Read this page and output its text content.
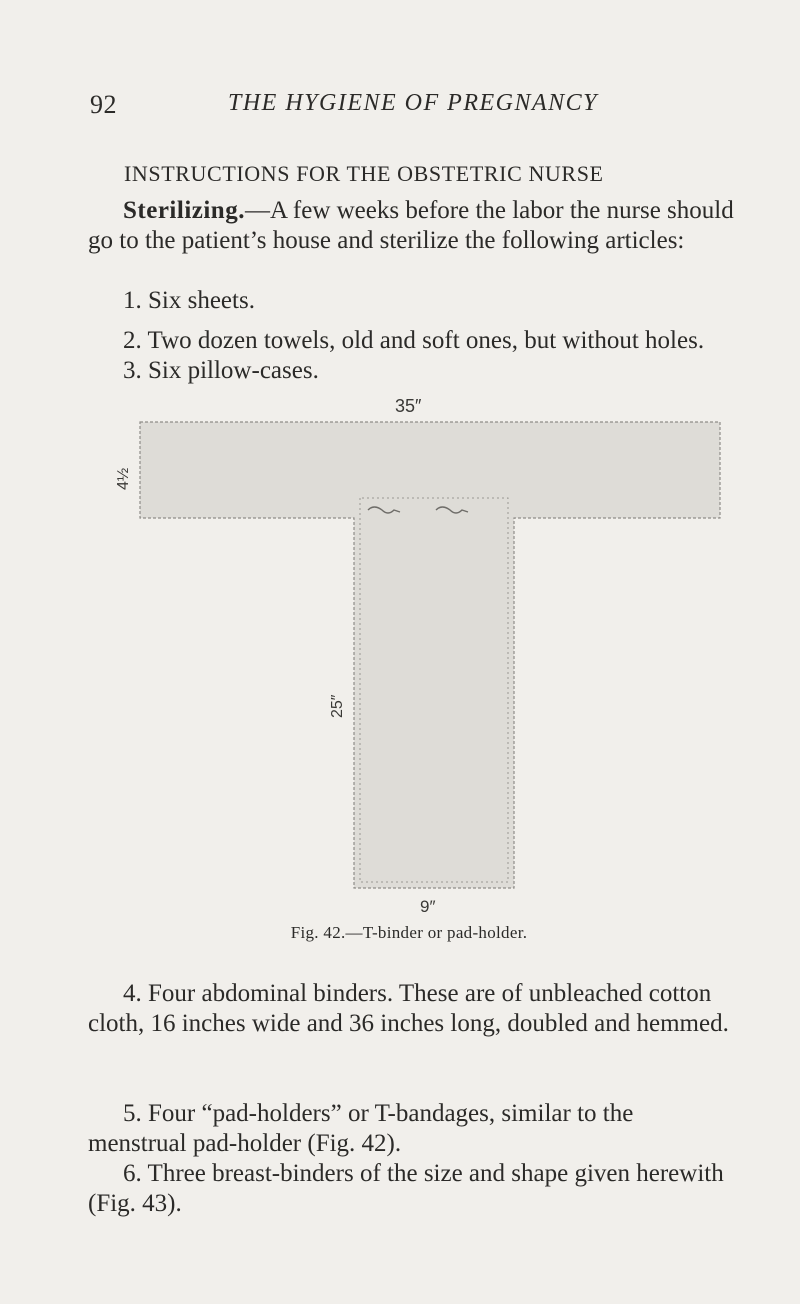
92	THE HYGIENE OF PREGNANCY
INSTRUCTIONS FOR THE OBSTETRIC NURSE
Sterilizing.—A few weeks before the labor the nurse should go to the patient’s house and sterilize the following articles:
1. Six sheets.
2. Two dozen towels, old and soft ones, but without holes.
3. Six pillow-cases.
35″
4½
25″
9″
Fig. 42.—T-binder or pad-holder.
4. Four abdominal binders. These are of unbleached cotton cloth, 16 inches wide and 36 inches long, doubled and hemmed.
5. Four “pad-holders” or T-bandages, similar to the menstrual pad-holder (Fig. 42).
6. Three breast-binders of the size and shape given herewith (Fig. 43).
